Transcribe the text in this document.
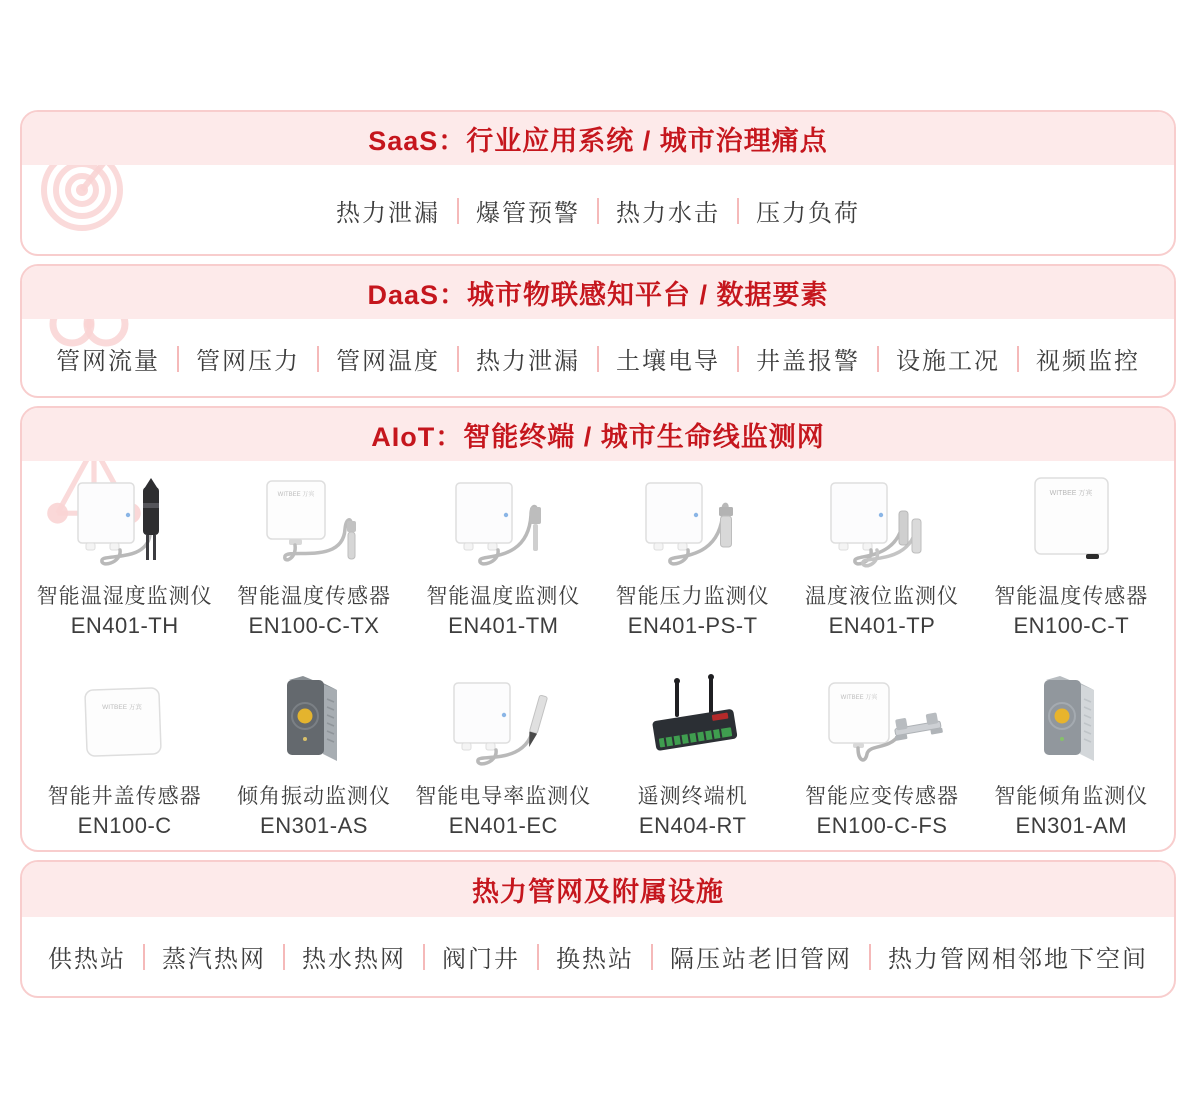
SaaS：行业应用系统 / 城市治理痛点
热力泄漏 爆管预警 热力水击 压力负荷
DaaS：城市物联感知平台 / 数据要素
管网流量 管网压力 管网温度 热力泄漏 土壤电导 井盖报警 设施工况 视频监控
AIoT：智能终端 / 城市生命线监测网
智能温湿度监测仪
EN401-TH
WITBEE 万宾
智能温度传感器
EN100-C-TX
智能温度监测仪
EN401-TM
智能压力监测仪
EN401-PS-T
温度液位监测仪
EN401-TP
WITBEE 万宾
智能温度传感器
EN100-C-T
WITBEE 万宾
智能井盖传感器
EN100-C
倾角振动监测仪
EN301-AS
智能电导率监测仪
EN401-EC
遥测终端机
EN404-RT
WITBEE 万宾
智能应变传感器
EN100-C-FS
智能倾角监测仪
EN301-AM
热力管网及附属设施
供热站 蒸汽热网 热水热网 阀门井 换热站 隔压站老旧管网 热力管网相邻地下空间
